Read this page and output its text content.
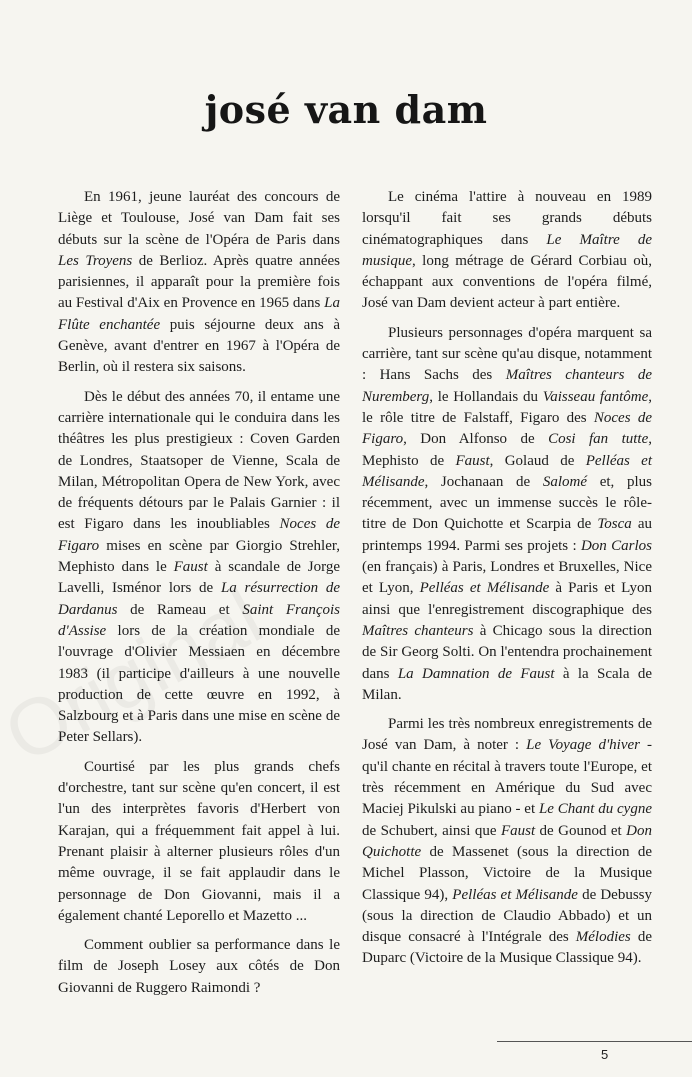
josé van dam

En 1961, jeune lauréat des concours de Liège et Toulouse, José van Dam fait ses débuts sur la scène de l'Opéra de Paris dans Les Troyens de Berlioz. Après quatre années parisiennes, il apparaît pour la première fois au Festival d'Aix en Provence en 1965 dans La Flûte enchantée puis séjourne deux ans à Genève, avant d'entrer en 1967 à l'Opéra de Berlin, où il restera six saisons.

Dès le début des années 70, il entame une carrière internationale qui le conduira dans les théâtres les plus prestigieux : Coven Garden de Londres, Staatsoper de Vienne, Scala de Milan, Métropolitan Opera de New York, avec de fréquents détours par le Palais Garnier : il est Figaro dans les inoubliables Noces de Figaro mises en scène par Giorgio Strehler, Mephisto dans le Faust à scandale de Jorge Lavelli, Isménor lors de La résurrection de Dardanus de Rameau et Saint François d'Assise lors de la création mondiale de l'ouvrage d'Olivier Messiaen en décembre 1983 (il participe d'ailleurs à une nouvelle production de cette œuvre en 1992, à Salzbourg et à Paris dans une mise en scène de Peter Sellars).

Courtisé par les plus grands chefs d'orchestre, tant sur scène qu'en concert, il est l'un des interprètes favoris d'Herbert von Karajan, qui a fréquemment fait appel à lui. Prenant plaisir à alterner plusieurs rôles d'un même ouvrage, il se fait applaudir dans le personnage de Don Giovanni, mais il a également chanté Leporello et Mazetto ...

Comment oublier sa performance dans le film de Joseph Losey aux côtés de Don Giovanni de Ruggero Raimondi ?

Le cinéma l'attire à nouveau en 1989 lorsqu'il fait ses grands débuts cinématographiques dans Le Maître de musique, long métrage de Gérard Corbiau où, échappant aux conventions de l'opéra filmé, José van Dam devient acteur à part entière.

Plusieurs personnages d'opéra marquent sa carrière, tant sur scène qu'au disque, notamment : Hans Sachs des Maîtres chanteurs de Nuremberg, le Hollandais du Vaisseau fantôme, le rôle titre de Falstaff, Figaro des Noces de Figaro, Don Alfonso de Cosi fan tutte, Mephisto de Faust, Golaud de Pelléas et Mélisande, Jochanaan de Salomé et, plus récemment, avec un immense succès le rôle-titre de Don Quichotte et Scarpia de Tosca au printemps 1994. Parmi ses projets : Don Carlos (en français) à Paris, Londres et Bruxelles, Nice et Lyon, Pelléas et Mélisande à Paris et Lyon ainsi que l'enregistrement discographique des Maîtres chanteurs à Chicago sous la direction de Sir Georg Solti. On l'entendra prochainement dans La Damnation de Faust à la Scala de Milan.

Parmi les très nombreux enregistrements de José van Dam, à noter : Le Voyage d'hiver - qu'il chante en récital à travers toute l'Europe, et très récemment en Amérique du Sud avec Maciej Pikulski au piano - et Le Chant du cygne de Schubert, ainsi que Faust de Gounod et Don Quichotte de Massenet (sous la direction de Michel Plasson, Victoire de la Musique Classique 94), Pelléas et Mélisande de Debussy (sous la direction de Claudio Abbado) et un disque consacré à l'Intégrale des Mélodies de Duparc (Victoire de la Musique Classique 94).

5
